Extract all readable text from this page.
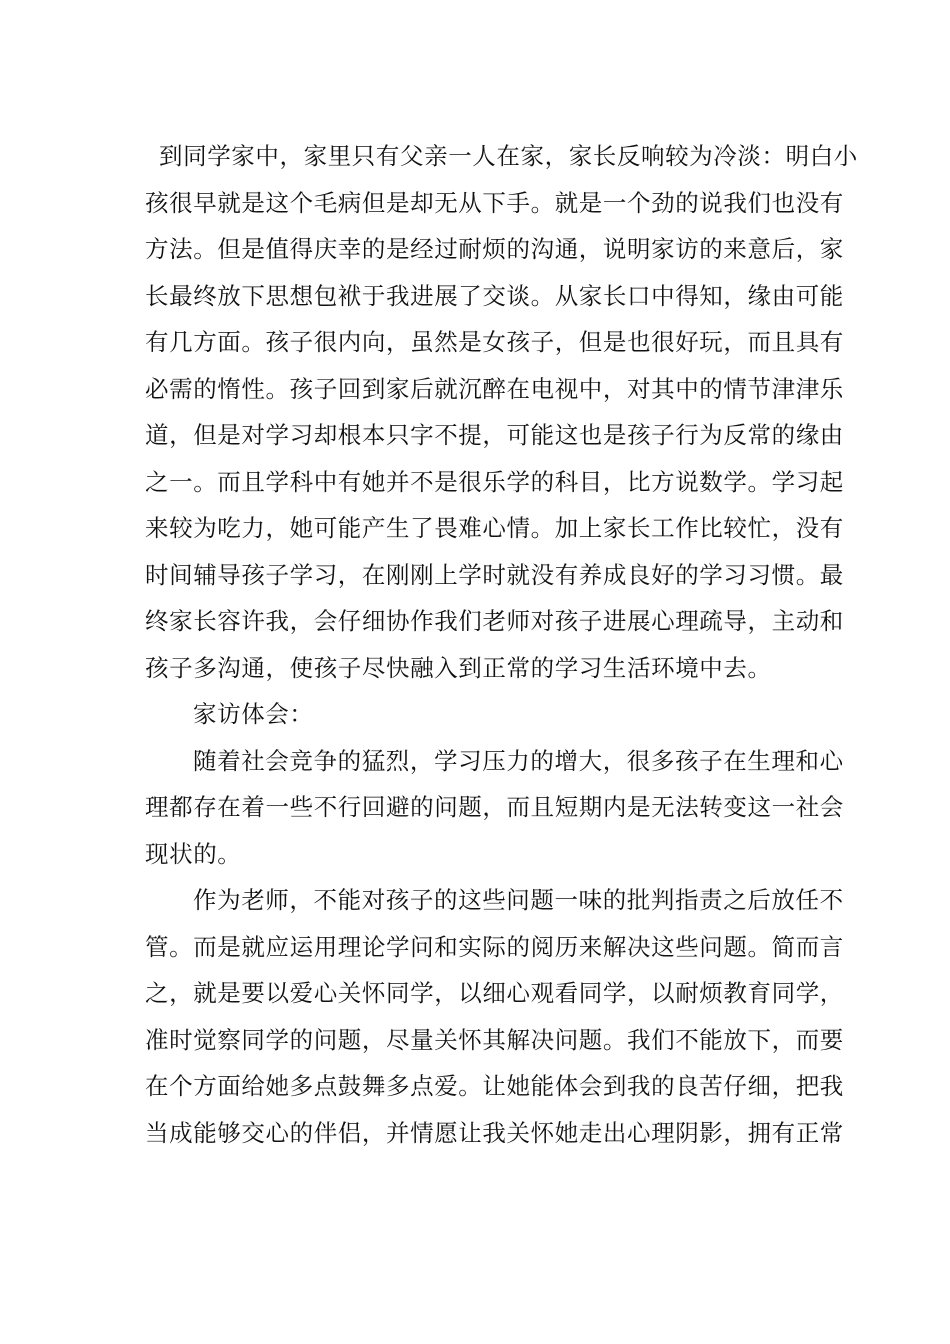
到同学家中，家里只有父亲一人在家，家长反响较为冷淡：明白小
孩很早就是这个毛病但是却无从下手。就是一个劲的说我们也没有
方法。但是值得庆幸的是经过耐烦的沟通，说明家访的来意后，家
长最终放下思想包袱于我进展了交谈。从家长口中得知，缘由可能
有几方面。孩子很内向，虽然是女孩子，但是也很好玩，而且具有
必需的惰性。孩子回到家后就沉醉在电视中，对其中的情节津津乐
道，但是对学习却根本只字不提，可能这也是孩子行为反常的缘由
之一。而且学科中有她并不是很乐学的科目，比方说数学。学习起
来较为吃力，她可能产生了畏难心情。加上家长工作比较忙，没有
时间辅导孩子学习，在刚刚上学时就没有养成良好的学习习惯。最
终家长容许我，会仔细协作我们老师对孩子进展心理疏导，主动和
孩子多沟通，使孩子尽快融入到正常的学习生活环境中去。
家访体会：
随着社会竞争的猛烈，学习压力的增大，很多孩子在生理和心
理都存在着一些不行回避的问题，而且短期内是无法转变这一社会
现状的。
作为老师，不能对孩子的这些问题一味的批判指责之后放任不
管。而是就应运用理论学问和实际的阅历来解决这些问题。简而言
之，就是要以爱心关怀同学，以细心观看同学，以耐烦教育同学，
准时觉察同学的问题，尽量关怀其解决问题。我们不能放下，而要
在个方面给她多点鼓舞多点爱。让她能体会到我的良苦仔细，把我
当成能够交心的伴侣，并情愿让我关怀她走出心理阴影，拥有正常
